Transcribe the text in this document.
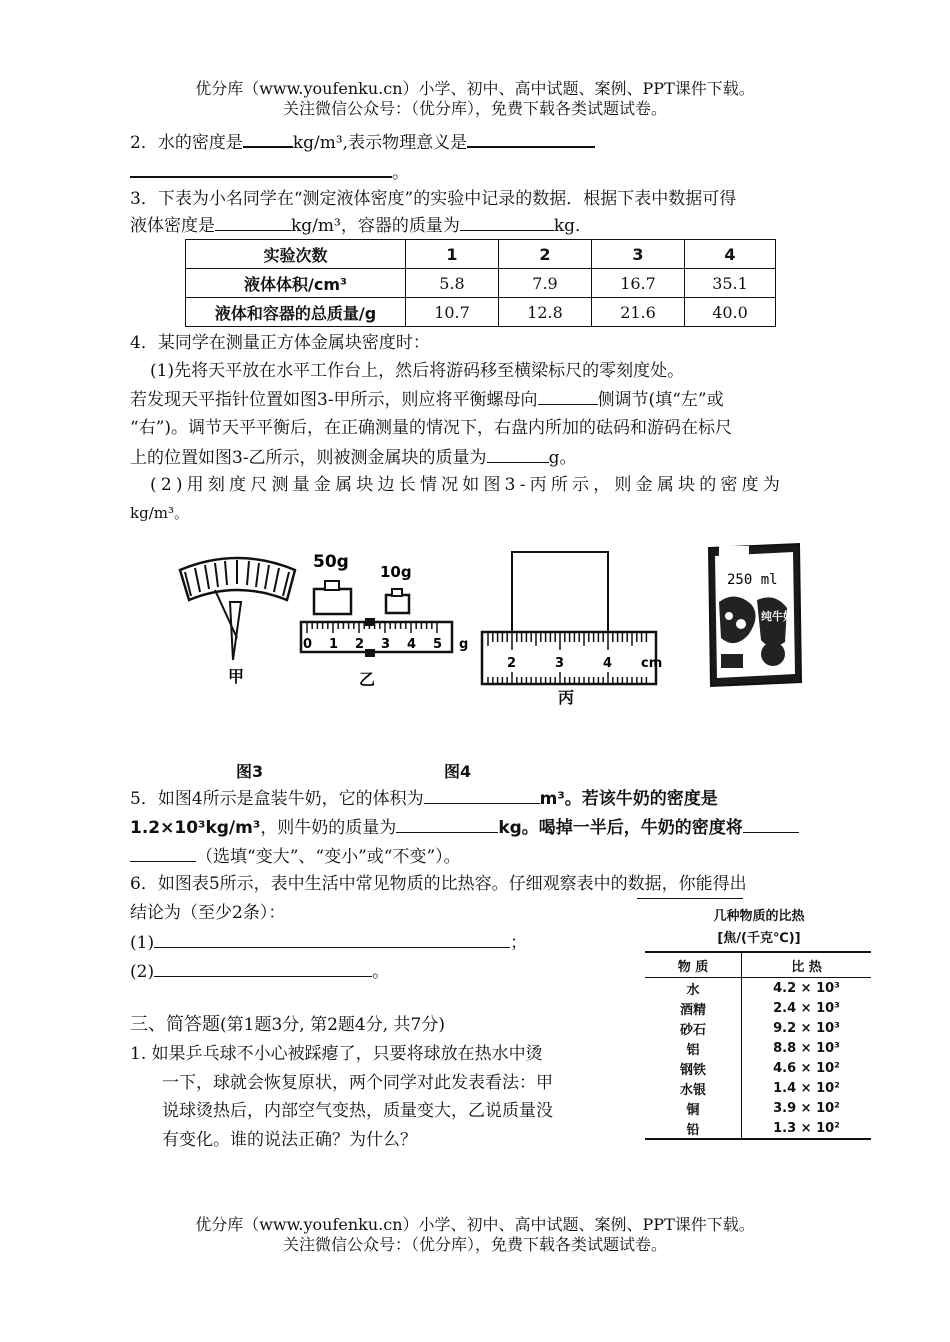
优分库（www.youfenku.cn）小学、初中、高中试题、案例、PPT课件下载。
关注微信公众号：（优分库），免费下载各类试题试卷。
2．水的密度是	kg/m³,表示物理意义是
。
3．下表为小名同学在“测定液体密度”的实验中记录的数据．根据下表中数据可得
液体密度是	kg/m³，容器的质量为	kg．
实验次数	1	2	3	4
液体体积/cm³	5.8	7.9	16.7	35.1
液体和容器的总质量/g	10.7	12.8	21.6	40.0
4．某同学在测量正方体金属块密度时：
(1)先将天平放在水平工作台上，然后将游码移至横梁标尺的零刻度处。
若发现天平指针位置如图3-甲所示，则应将平衡螺母向	侧调节(填“左”或
“右”)。调节天平平衡后，在正确测量的情况下，右盘内所加的砝码和游码在标尺
上的位置如图3-乙所示，则被测金属块的质量为	g。
(2)用刻度尺测量金属块边长情况如图3-丙所示，则金属块的密度为
kg/m³。
甲
50g 10g
0 1 2 3 4 5 g
乙
2	3	4 cm
丙
250 ml
纯牛奶
图3	图4
5．如图4所示是盒装牛奶，它的体积为	m³。若该牛奶的密度是
1.2×10³kg/m³，则牛奶的质量为	kg。喝掉一半后，牛奶的密度将
（选填“变大”、“变小”或“不变”）。
6．如图表5所示，表中生活中常见物质的比热容。仔细观察表中的数据，你能得出
结论为（至少2条）：
(1)	；
(2)	。
几种物质的比热
[焦/(千克℃)]
物 质	比 热
水	4.2 × 10³
酒精	2.4 × 10³
砂石	9.2 × 10³
铝	8.8 × 10³
钢铁	4.6 × 10²
水银	1.4 × 10²
铜	3.9 × 10²
铅	1.3 × 10²
三、简答题(第1题3分, 第2题4分, 共7分)
1. 如果乒乓球不小心被踩瘪了，只要将球放在热水中烫
一下，球就会恢复原状，两个同学对此发表看法：甲
说球烫热后，内部空气变热，质量变大，乙说质量没
有变化。谁的说法正确？为什么？
优分库（www.youfenku.cn）小学、初中、高中试题、案例、PPT课件下载。
关注微信公众号：（优分库），免费下载各类试题试卷。
